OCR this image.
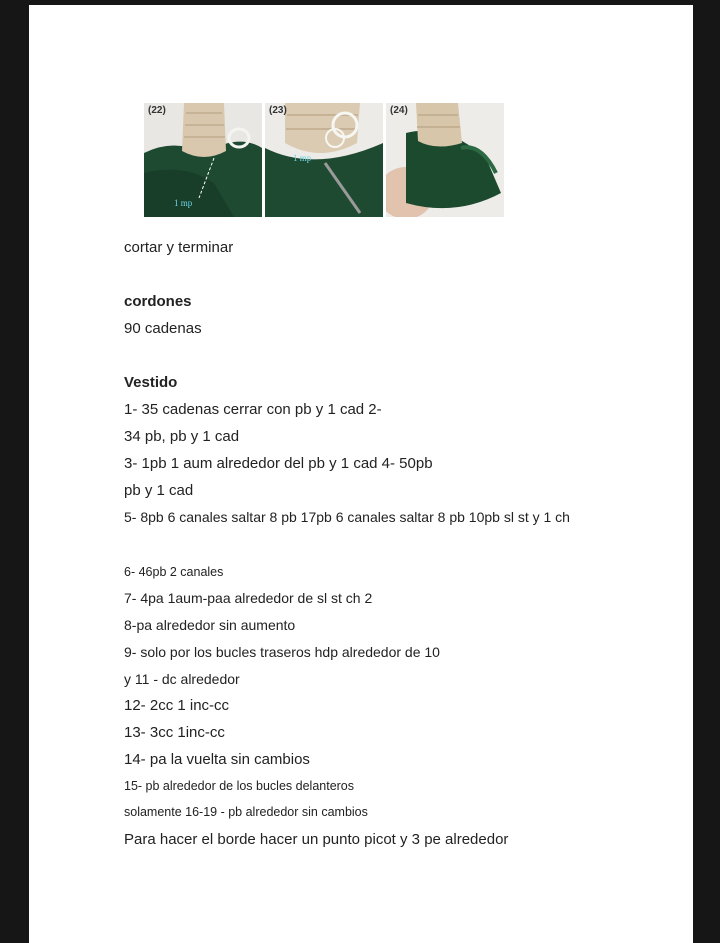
(22)
1 mp
(23)
1 mp
(24)
cortar y terminar
cordones
90 cadenas
Vestido
1- 35 cadenas cerrar con pb y 1 cad 2-
34 pb, pb y 1 cad
3- 1pb 1 aum alrededor del pb y 1 cad 4- 50pb
pb y 1 cad
5- 8pb 6 canales saltar 8 pb 17pb 6 canales saltar 8 pb 10pb sl st y 1 ch
6- 46pb 2 canales
7- 4pa 1aum-paa alrededor de sl st ch 2
8-pa alrededor sin aumento
9- solo por los bucles traseros hdp alrededor de 10
y 11 - dc alrededor
12- 2cc 1 inc-cc
13- 3cc 1inc-cc
14- pa la vuelta sin cambios
15- pb alrededor de los bucles delanteros
solamente 16-19 - pb alrededor sin cambios
Para hacer el borde hacer un punto picot y 3 pe alrededor
